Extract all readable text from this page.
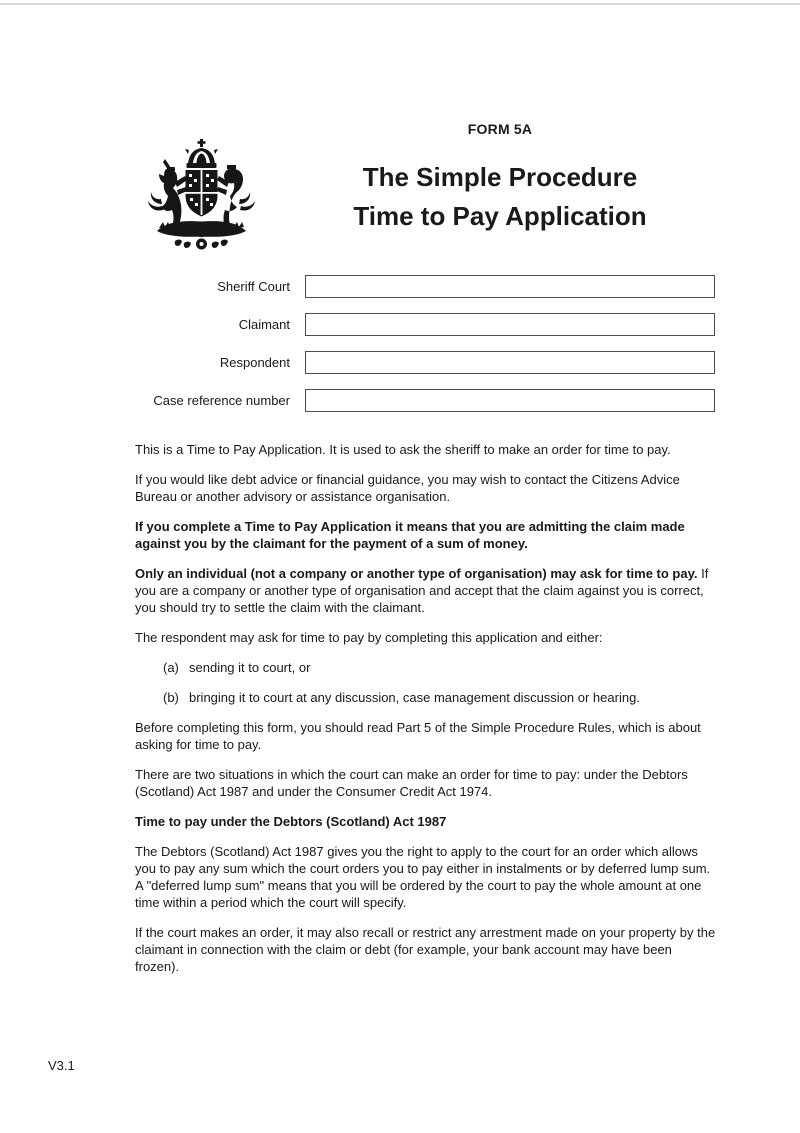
FORM 5A
The Simple Procedure
Time to Pay Application
Sheriff Court
Claimant
Respondent
Case reference number

This is a Time to Pay Application. It is used to ask the sheriff to make an order for time to pay.

If you would like debt advice or financial guidance, you may wish to contact the Citizens Advice Bureau or another advisory or assistance organisation.

If you complete a Time to Pay Application it means that you are admitting the claim made against you by the claimant for the payment of a sum of money.

Only an individual (not a company or another type of organisation) may ask for time to pay. If you are a company or another type of organisation and accept that the claim against you is correct, you should try to settle the claim with the claimant.

The respondent may ask for time to pay by completing this application and either:

(a) sending it to court, or
(b) bringing it to court at any discussion, case management discussion or hearing.

Before completing this form, you should read Part 5 of the Simple Procedure Rules, which is about asking for time to pay.

There are two situations in which the court can make an order for time to pay: under the Debtors (Scotland) Act 1987 and under the Consumer Credit Act 1974.

Time to pay under the Debtors (Scotland) Act 1987

The Debtors (Scotland) Act 1987 gives you the right to apply to the court for an order which allows you to pay any sum which the court orders you to pay either in instalments or by deferred lump sum. A "deferred lump sum" means that you will be ordered by the court to pay the whole amount at one time within a period which the court will specify.

If the court makes an order, it may also recall or restrict any arrestment made on your property by the claimant in connection with the claim or debt (for example, your bank account may have been frozen).

V3.1
